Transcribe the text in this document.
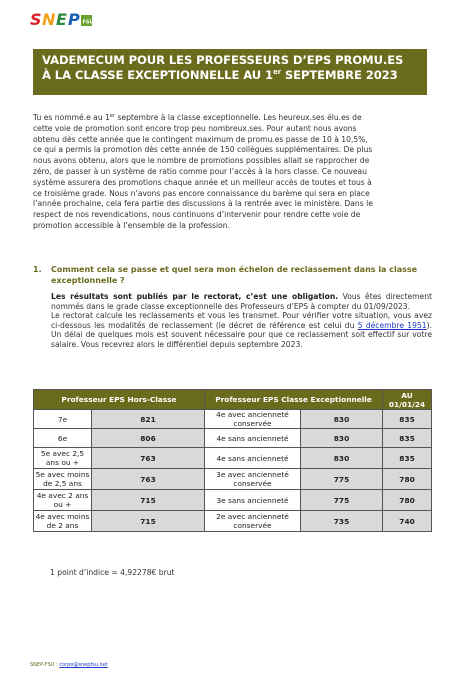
S N E P FSU
VADEMECUM POUR LES PROFESSEURS D’EPS PROMU.ES
À LA CLASSE EXCEPTIONNELLE AU 1er SEPTEMBRE 2023
Tu es nommé.e au 1er septembre à la classe exceptionnelle. Les heureux.ses élu.es de
cette voie de promotion sont encore trop peu nombreux.ses. Pour autant nous avons
obtenu dès cette année que le contingent maximum de promu.es passe de 10 à 10,5%,
ce qui a permis la promotion dès cette année de 150 collègues supplémentaires. De plus
nous avons obtenu, alors que le nombre de promotions possibles allait se rapprocher de
zéro, de passer à un système de ratio comme pour l’accès à la hors classe. Ce nouveau
système assurera des promotions chaque année et un meilleur accès de toutes et tous à
ce troisième grade. Nous n’avons pas encore connaissance du barème qui sera en place
l’année prochaine, cela fera partie des discussions à la rentrée avec le ministère. Dans le
respect de nos revendications, nous continuons d’intervenir pour rendre cette voie de
promotion accessible à l’ensemble de la profession.
1. Comment cela se passe et quel sera mon échelon de reclassement dans la classe
exceptionnelle ?

Les résultats sont publiés par le rectorat, c’est une obligation. Vous êtes directement nommés dans le grade classe exceptionnelle des Professeurs d’EPS à compter du 01/09/2023.

Le rectorat calcule les reclassements et vous les transmet. Pour vérifier votre situation, vous avez ci-dessous les modalités de reclassement (le décret de référence est celui du 5 décembre 1951). Un délai de quelques mois est souvent nécessaire pour que ce reclassement soit effectif sur votre salaire. Vous recevrez alors le différentiel depuis septembre 2023.

Professeur EPS Hors-Classe		Professeur EPS Classe Exceptionnelle		AU 01/01/24
7e	821	4e avec ancienneté conservée	830	835
6e	806	4e sans ancienneté	830	835
5e avec 2,5 ans ou +	763	4e sans ancienneté	830	835
5e avec moins de 2,5 ans	763	3e avec ancienneté conservée	775	780
4e avec 2 ans ou +	715	3e sans ancienneté	775	780
4e avec moins de 2 ans	715	2e avec ancienneté conservée	735	740
1 point d’indice = 4,92278€ brut
SNEP-FSU : corpo@snepfsu.net
